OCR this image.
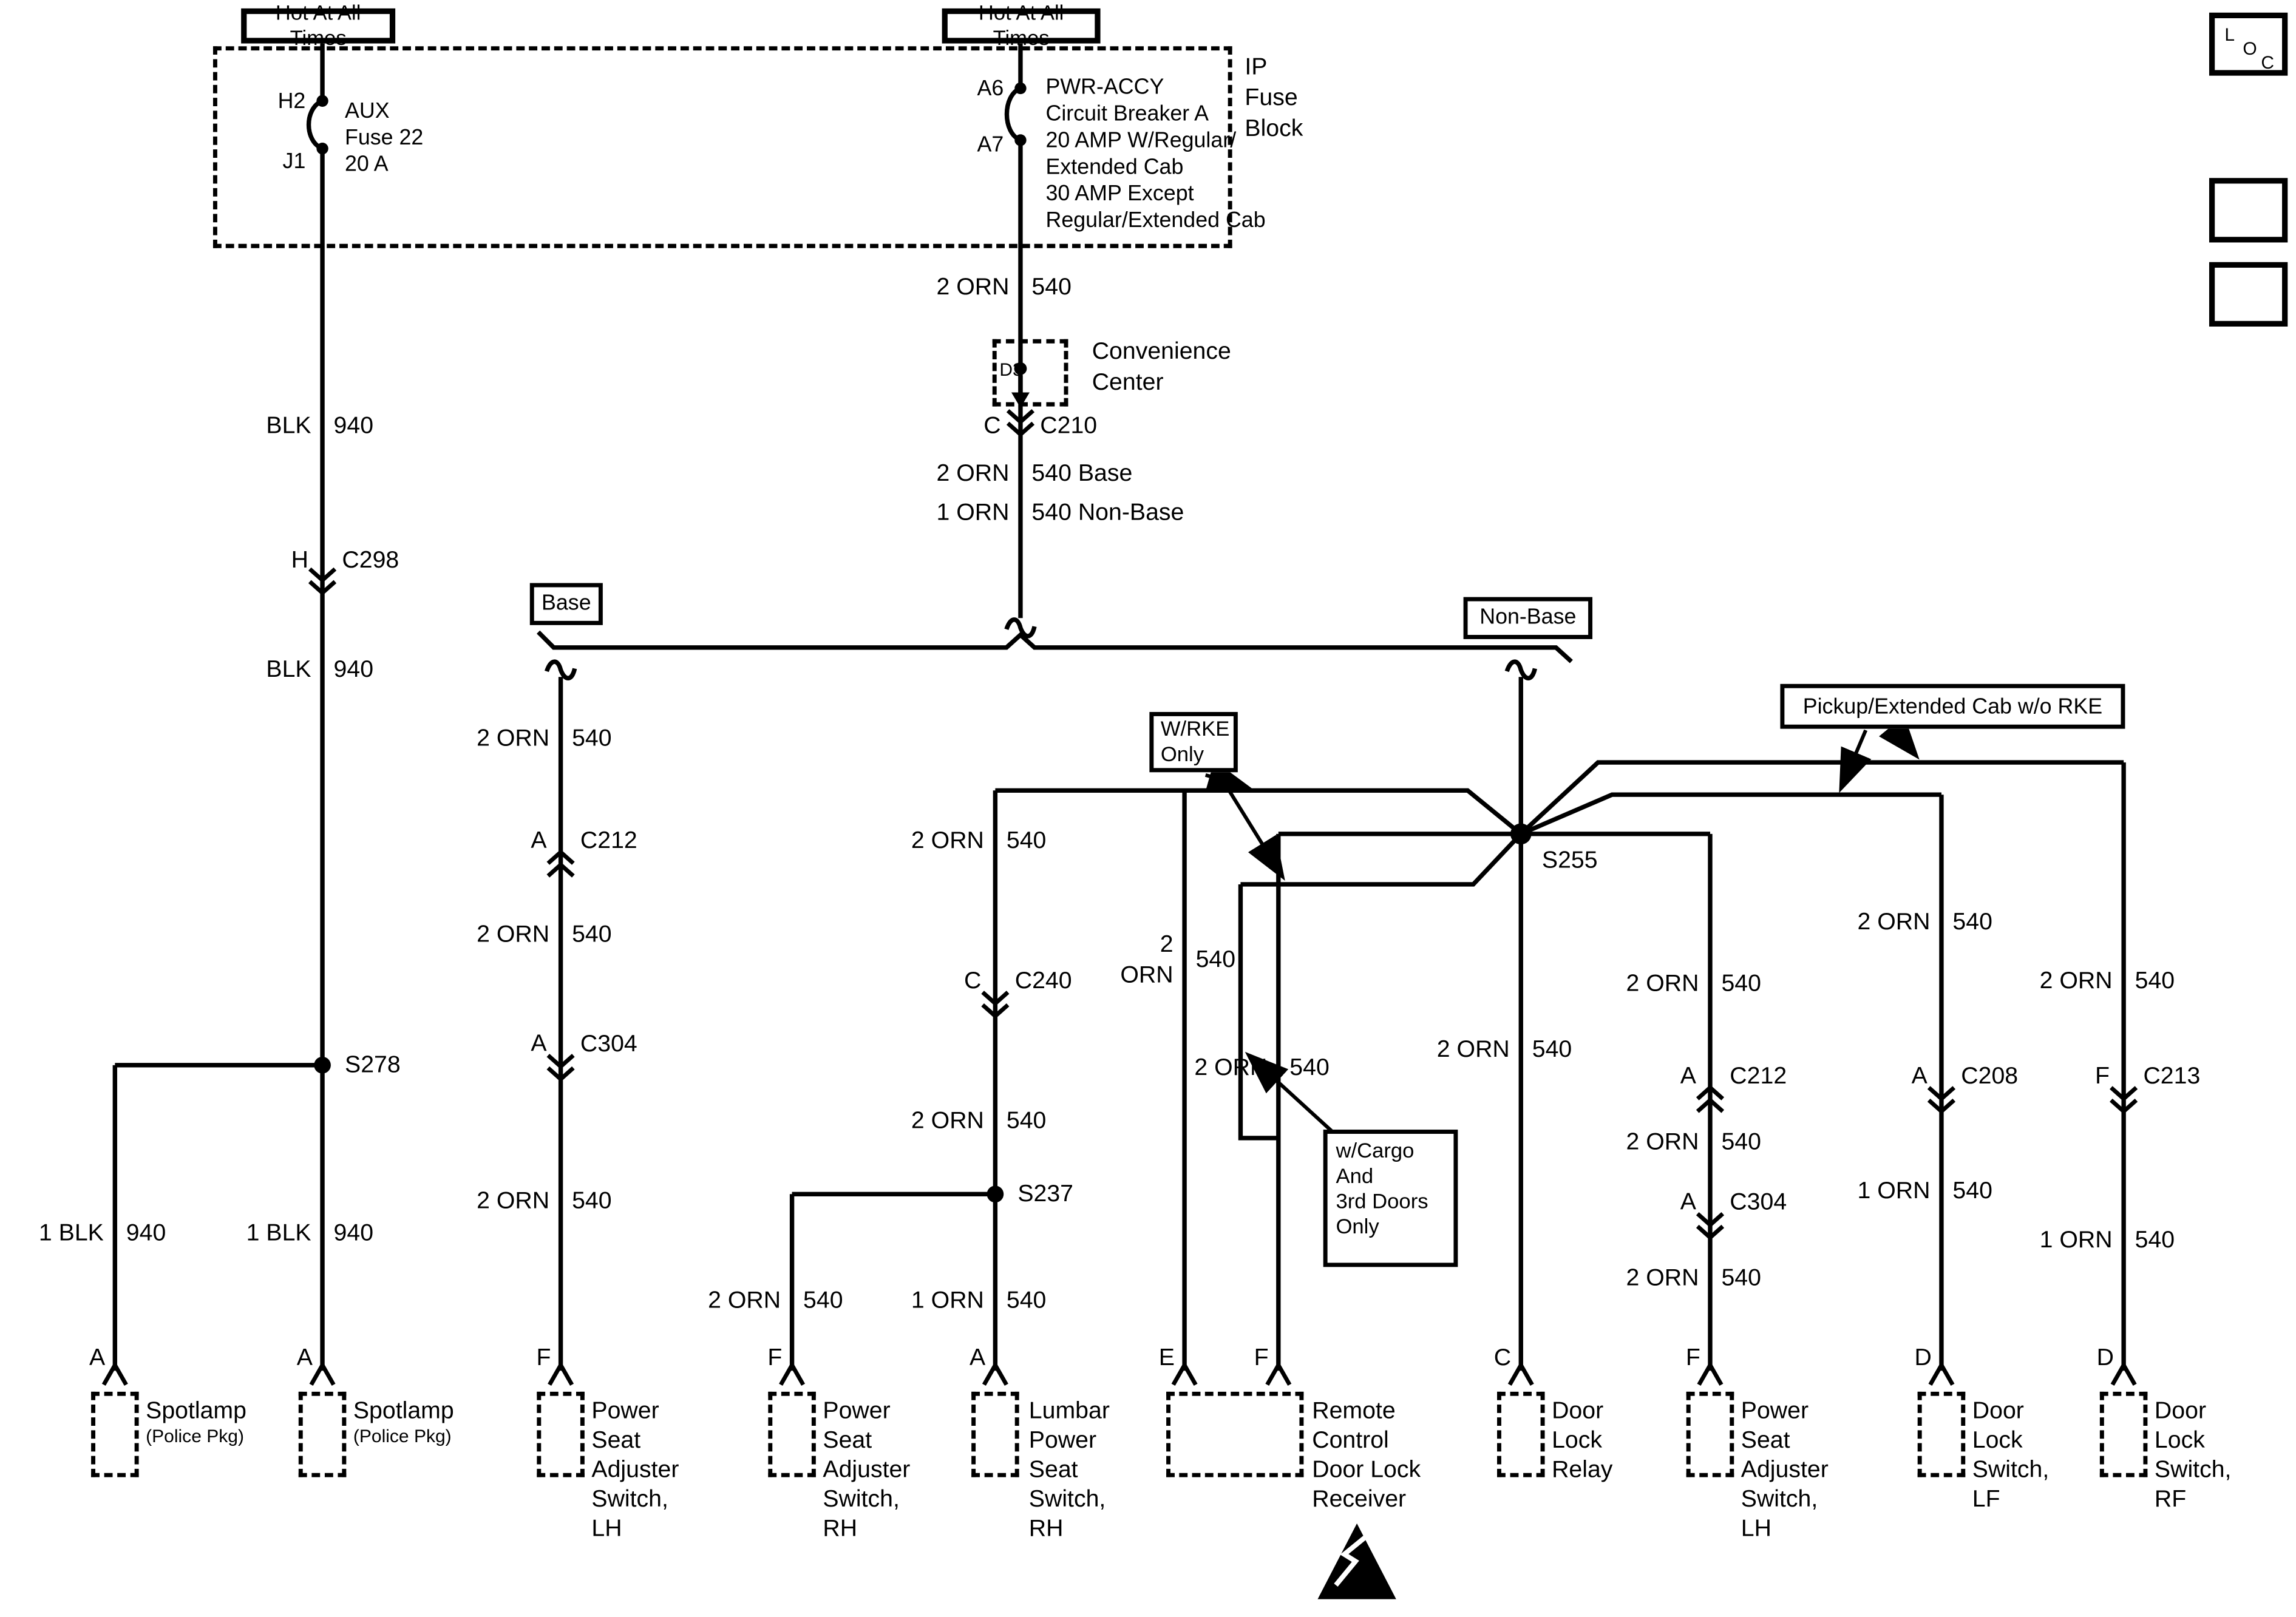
Hot At All Times
Hot At All Times
Base
Non-Base
W/RKE
Only
Pickup/Extended Cab w/o RKE
w/Cargo
And
3rd Doors
Only
IP
Fuse
Block
H2
J1
AUX
Fuse 22
20 A
A6
A7
PWR-ACCY
Circuit Breaker A
20 AMP W/Regular/
Extended Cab
30 AMP Except
Regular/Extended Cab
D3
Convenience
Center
C	C210
2 ORN 540
2 ORN 540 Base
1 ORN 540 Non-Base
BLK 940
H	C298
BLK 940
S278
1 BLK 940	1 BLK 940
2 ORN 540
A	C212
2 ORN 540
A	C304
2 ORN 540
2 ORN 540
C	C240
2 ORN 540
S237
2 ORN 540	1 ORN 540
S255
2
ORN
540
2 ORN 540
2 ORN 540
2 ORN 540
A	C212
2 ORN 540
A	C304
2 ORN 540
2 ORN 540
A	C208
1 ORN 540
2 ORN 540
F	C213
1 ORN 540
A	A	F	F	A	E	F	C	F	D	D
Spotlamp
(Police Pkg)
Spotlamp
(Police Pkg)
Power
Seat
Adjuster
Switch,
LH
Power
Seat
Adjuster
Switch,
RH
Lumbar
Power
Seat
Switch,
RH
Remote
Control
Door Lock
Receiver
Door
Lock
Relay
Power
Seat
Adjuster
Switch,
LH
Door
Lock
Switch,
LF
Door
Lock
Switch,
RF
L
O
C
